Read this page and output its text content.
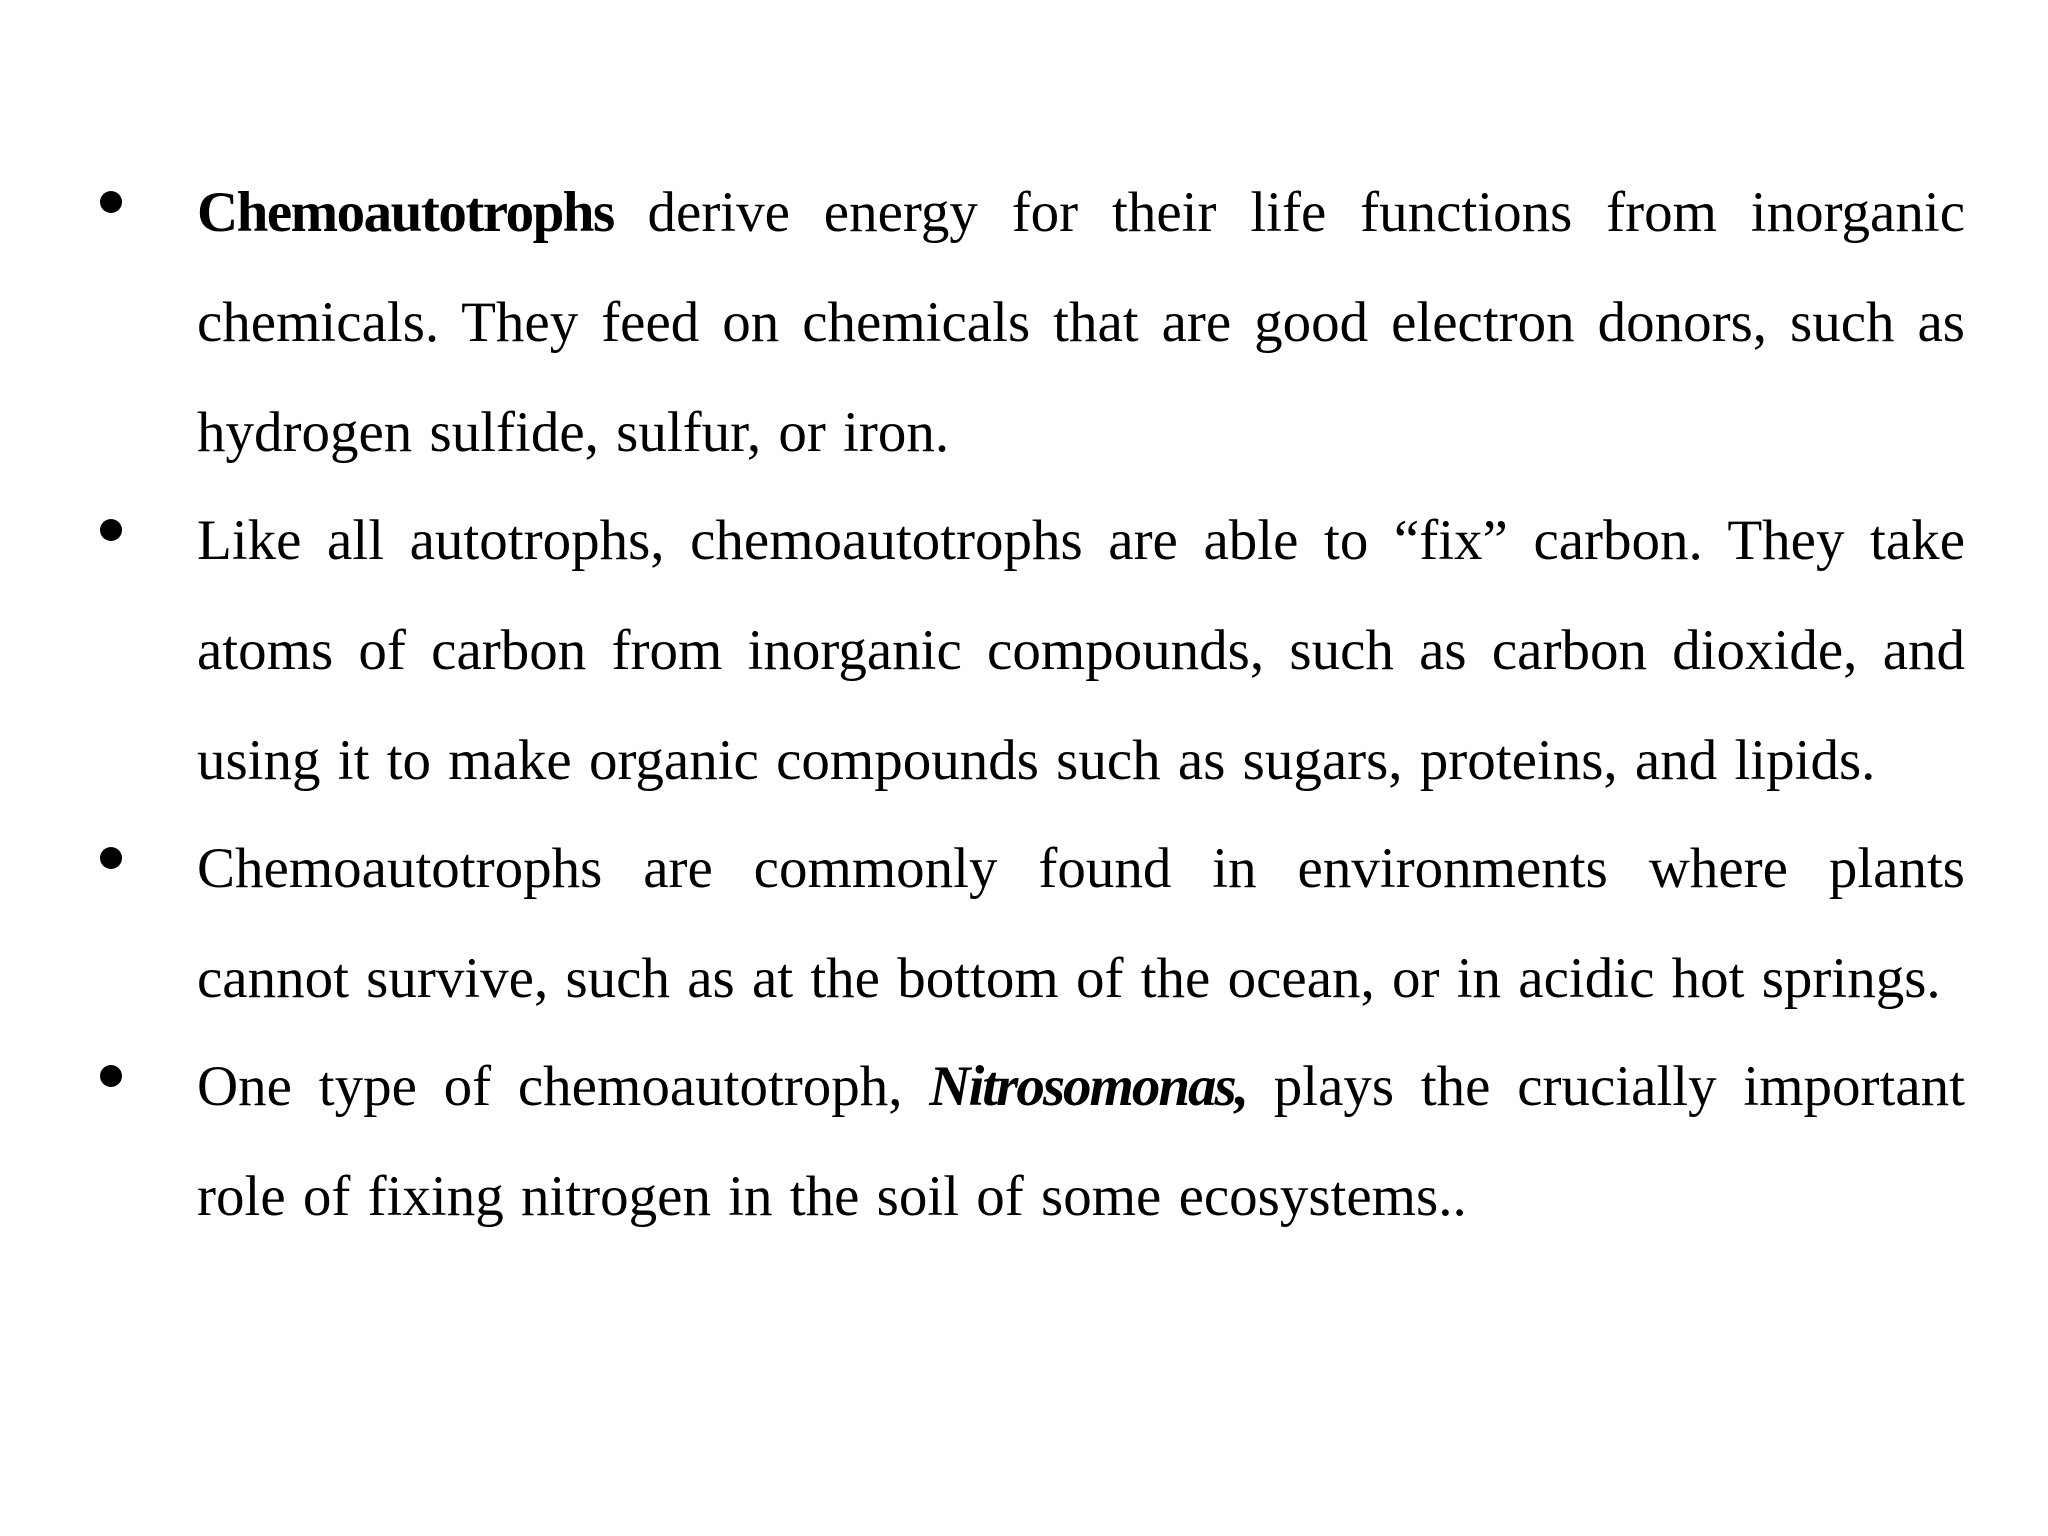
Chemoautotrophs derive energy for their life functions from inorganic chemicals. They feed on chemicals that are good electron donors, such as hydrogen sulfide, sulfur, or iron.
Like all autotrophs, chemoautotrophs are able to “fix” carbon. They take atoms of carbon from inorganic compounds, such as carbon dioxide, and using it to make organic compounds such as sugars, proteins, and lipids.
Chemoautotrophs are commonly found in environments where plants cannot survive, such as at the bottom of the ocean, or in acidic hot springs.
One type of chemoautotroph, Nitrosomonas, plays the crucially important role of fixing nitrogen in the soil of some ecosystems..
